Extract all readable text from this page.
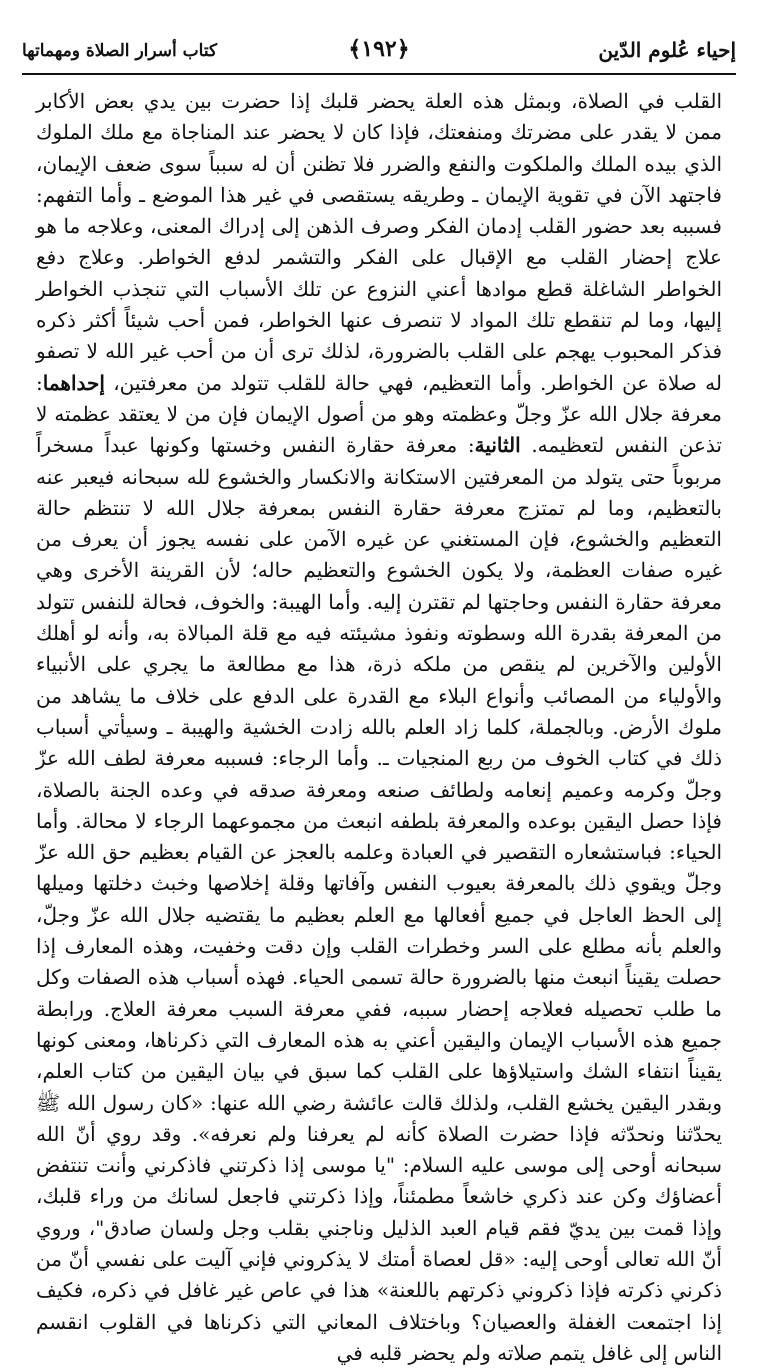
إحياء عُلوم الدّين
﴿١٩٢﴾
كتاب أسرار الصلاة ومهماتها

القلب في الصلاة، وبمثل هذه العلة يحضر قلبك إذا حضرت بين يدي بعض الأكابر ممن لا يقدر على مضرتك ومنفعتك، فإذا كان لا يحضر عند المناجاة مع ملك الملوك الذي بيده الملك والملكوت والنفع والضرر فلا تظنن أن له سبباً سوى ضعف الإيمان، فاجتهد الآن في تقوية الإيمان ـ وطريقه يستقصى في غير هذا الموضع ـ وأما التفهم: فسببه بعد حضور القلب إدمان الفكر وصرف الذهن إلى إدراك المعنى، وعلاجه ما هو علاج إحضار القلب مع الإقبال على الفكر والتشمر لدفع الخواطر. وعلاج دفع الخواطر الشاغلة قطع موادها أعني النزوع عن تلك الأسباب التي تنجذب الخواطر إليها، وما لم تنقطع تلك المواد لا تنصرف عنها الخواطر، فمن أحب شيئاً أكثر ذكره فذكر المحبوب يهجم على القلب بالضرورة، لذلك ترى أن من أحب غير الله لا تصفو له صلاة عن الخواطر. وأما التعظيم، فهي حالة للقلب تتولد من معرفتين، إحداهما: معرفة جلال الله عزّ وجلّ وعظمته وهو من أصول الإيمان فإن من لا يعتقد عظمته لا تذعن النفس لتعظيمه. الثانية: معرفة حقارة النفس وخستها وكونها عبداً مسخراً مربوباً حتى يتولد من المعرفتين الاستكانة والانكسار والخشوع لله سبحانه فيعبر عنه بالتعظيم، وما لم تمتزج معرفة حقارة النفس بمعرفة جلال الله لا تنتظم حالة التعظيم والخشوع، فإن المستغني عن غيره الآمن على نفسه يجوز أن يعرف من غيره صفات العظمة، ولا يكون الخشوع والتعظيم حاله؛ لأن القرينة الأخرى وهي معرفة حقارة النفس وحاجتها لم تقترن إليه. وأما الهيبة: والخوف، فحالة للنفس تتولد من المعرفة بقدرة الله وسطوته ونفوذ مشيئته فيه مع قلة المبالاة به، وأنه لو أهلك الأولين والآخرين لم ينقص من ملكه ذرة، هذا مع مطالعة ما يجري على الأنبياء والأولياء من المصائب وأنواع البلاء مع القدرة على الدفع على خلاف ما يشاهد من ملوك الأرض. وبالجملة، كلما زاد العلم بالله زادت الخشية والهيبة ـ وسيأتي أسباب ذلك في كتاب الخوف من ربع المنجيات ـ. وأما الرجاء: فسببه معرفة لطف الله عزّ وجلّ وكرمه وعميم إنعامه ولطائف صنعه ومعرفة صدقه في وعده الجنة بالصلاة، فإذا حصل اليقين بوعده والمعرفة بلطفه انبعث من مجموعهما الرجاء لا محالة. وأما الحياء: فباستشعاره التقصير في العبادة وعلمه بالعجز عن القيام بعظيم حق الله عزّ وجلّ ويقوي ذلك بالمعرفة بعيوب النفس وآفاتها وقلة إخلاصها وخبث دخلتها وميلها إلى الحظ العاجل في جميع أفعالها مع العلم بعظيم ما يقتضيه جلال الله عزّ وجلّ، والعلم بأنه مطلع على السر وخطرات القلب وإن دقت وخفيت، وهذه المعارف إذا حصلت يقيناً انبعث منها بالضرورة حالة تسمى الحياء. فهذه أسباب هذه الصفات وكل ما طلب تحصيله فعلاجه إحضار سببه، ففي معرفة السبب معرفة العلاج. ورابطة جميع هذه الأسباب الإيمان واليقين أعني به هذه المعارف التي ذكرناها، ومعنى كونها يقيناً انتفاء الشك واستيلاؤها على القلب كما سبق في بيان اليقين من كتاب العلم، وبقدر اليقين يخشع القلب، ولذلك قالت عائشة رضي الله عنها: «كان رسول الله ﷺ يحدّثنا ونحدّثه فإذا حضرت الصلاة كأنه لم يعرفنا ولم نعرفه». وقد روي أنّ الله سبحانه أوحى إلى موسى عليه السلام: "يا موسى إذا ذكرتني فاذكرني وأنت تنتفض أعضاؤك وكن عند ذكري خاشعاً مطمئناً، وإذا ذكرتني فاجعل لسانك من وراء قلبك، وإذا قمت بين يديّ فقم قيام العبد الذليل وناجني بقلب وجل ولسان صادق"، وروي أنّ الله تعالى أوحى إليه: «قل لعصاة أمتك لا يذكروني فإني آليت على نفسي أنّ من ذكرني ذكرته فإذا ذكروني ذكرتهم باللعنة» هذا في عاص غير غافل في ذكره، فكيف إذا اجتمعت الغفلة والعصيان؟ وباختلاف المعاني التي ذكرناها في القلوب انقسم الناس إلى غافل يتمم صلاته ولم يحضر قلبه في
